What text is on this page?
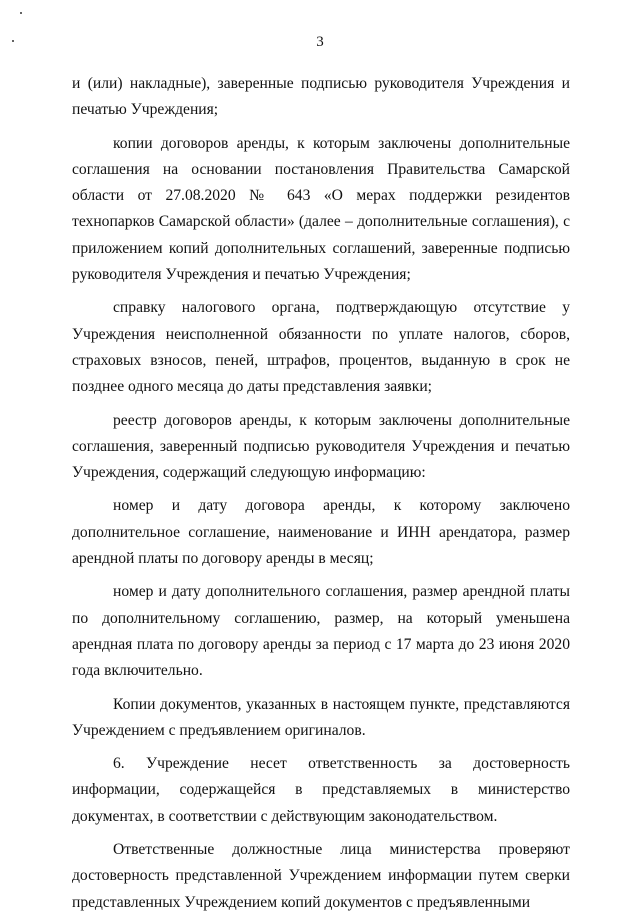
3

и (или) накладные), заверенные подписью руководителя Учреждения и печатью Учреждения;

копии договоров аренды, к которым заключены дополнительные соглашения на основании постановления Правительства Самарской области от 27.08.2020 № 643 «О мерах поддержки резидентов технопарков Самарской области» (далее – дополнительные соглашения), с приложением копий дополнительных соглашений, заверенные подписью руководителя Учреждения и печатью Учреждения;

справку налогового органа, подтверждающую отсутствие у Учреждения неисполненной обязанности по уплате налогов, сборов, страховых взносов, пеней, штрафов, процентов, выданную в срок не позднее одного месяца до даты представления заявки;

реестр договоров аренды, к которым заключены дополнительные соглашения, заверенный подписью руководителя Учреждения и печатью Учреждения, содержащий следующую информацию:

номер и дату договора аренды, к которому заключено дополнительное соглашение, наименование и ИНН арендатора, размер арендной платы по договору аренды в месяц;

номер и дату дополнительного соглашения, размер арендной платы по дополнительному соглашению, размер, на который уменьшена арендная плата по договору аренды за период с 17 марта до 23 июня 2020 года включительно.

Копии документов, указанных в настоящем пункте, представляются Учреждением с предъявлением оригиналов.

6. Учреждение несет ответственность за достоверность информации, содержащейся в представляемых в министерство документах, в соответствии с действующим законодательством.

Ответственные должностные лица министерства проверяют достоверность представленной Учреждением информации путем сверки представленных Учреждением копий документов с предъявленными
